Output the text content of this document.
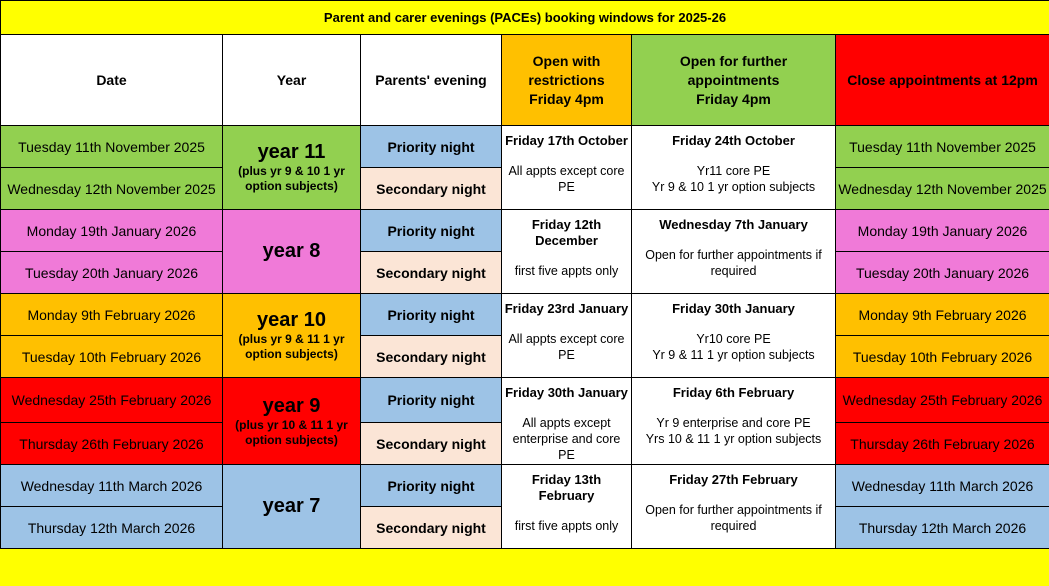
Parent and carer evenings (PACEs) booking windows for 2025-26					
Date	Year	Parents' evening	Open with
restrictions
Friday 4pm	Open for further
appointments
Friday 4pm	Close appointments at 12pm
Tuesday 11th November 2025	year 11
(plus yr 9 & 10 1 yr option subjects)	Priority night	Friday 17th October
All appts except core PE	Friday 24th October
Yr11 core PE
Yr 9 & 10 1 yr option subjects	Tuesday 11th November 2025
Wednesday 12th November 2025		Secondary night			Wednesday 12th November 2025
Monday 19th January 2026	year 8	Priority night	Friday 12th December
first five appts only	Wednesday 7th January
Open for further appointments if required	Monday 19th January 2026
Tuesday 20th January 2026		Secondary night			Tuesday 20th January 2026
Monday 9th February 2026	year 10
(plus yr 9 & 11 1 yr option subjects)	Priority night	Friday 23rd January
All appts except core PE	Friday 30th January
Yr10 core PE
Yr 9 & 11 1 yr option subjects	Monday 9th February 2026
Tuesday 10th February 2026		Secondary night			Tuesday 10th February 2026
Wednesday 25th February 2026	year 9
(plus yr 10 & 11 1 yr option subjects)	Priority night	Friday 30th January
All appts except enterprise and core PE	Friday 6th February
Yr 9 enterprise and core PE
Yrs 10 & 11 1 yr option subjects	Wednesday 25th February 2026
Thursday 26th February 2026		Secondary night			Thursday 26th February 2026
Wednesday 11th March 2026	year 7	Priority night	Friday 13th February
first five appts only	Friday 27th February
Open for further appointments if required	Wednesday 11th March 2026
Thursday 12th March 2026		Secondary night			Thursday 12th March 2026
